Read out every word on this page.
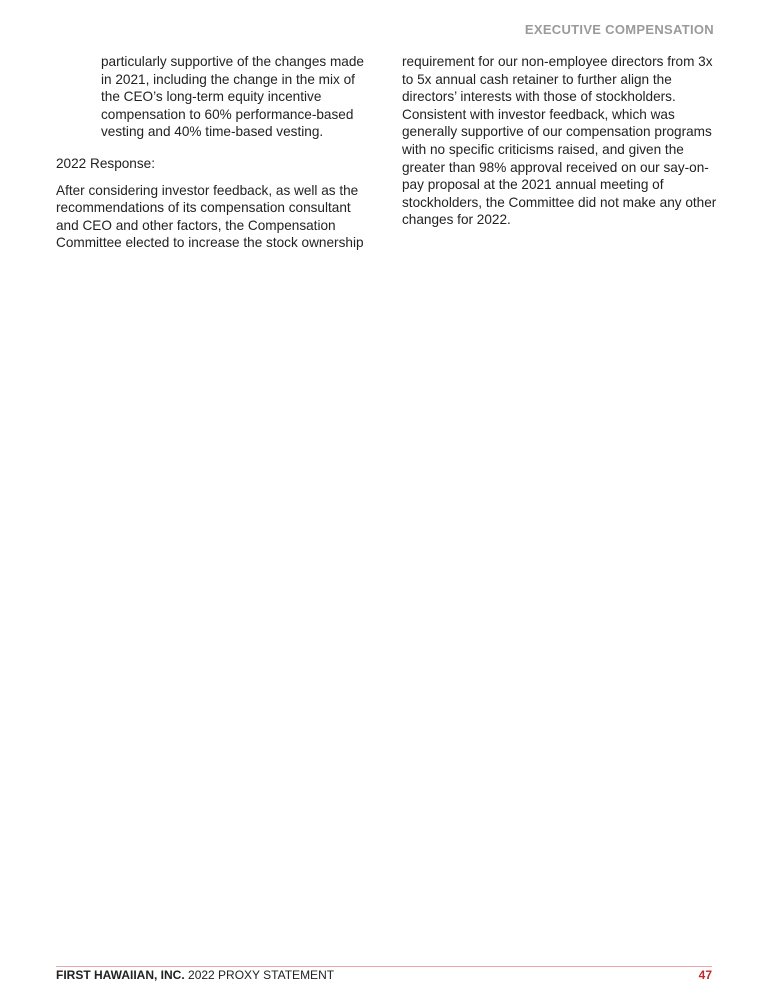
EXECUTIVE COMPENSATION

particularly supportive of the changes made in 2021, including the change in the mix of the CEO’s long-term equity incentive compensation to 60% performance-based vesting and 40% time-based vesting.

2022 Response:

After considering investor feedback, as well as the recommendations of its compensation consultant and CEO and other factors, the Compensation Committee elected to increase the stock ownership

requirement for our non-employee directors from 3x to 5x annual cash retainer to further align the directors’ interests with those of stockholders. Consistent with investor feedback, which was generally supportive of our compensation programs with no specific criticisms raised, and given the greater than 98% approval received on our say-on-pay proposal at the 2021 annual meeting of stockholders, the Committee did not make any other changes for 2022.

FIRST HAWAIIAN, INC. 2022 PROXY STATEMENT	47
